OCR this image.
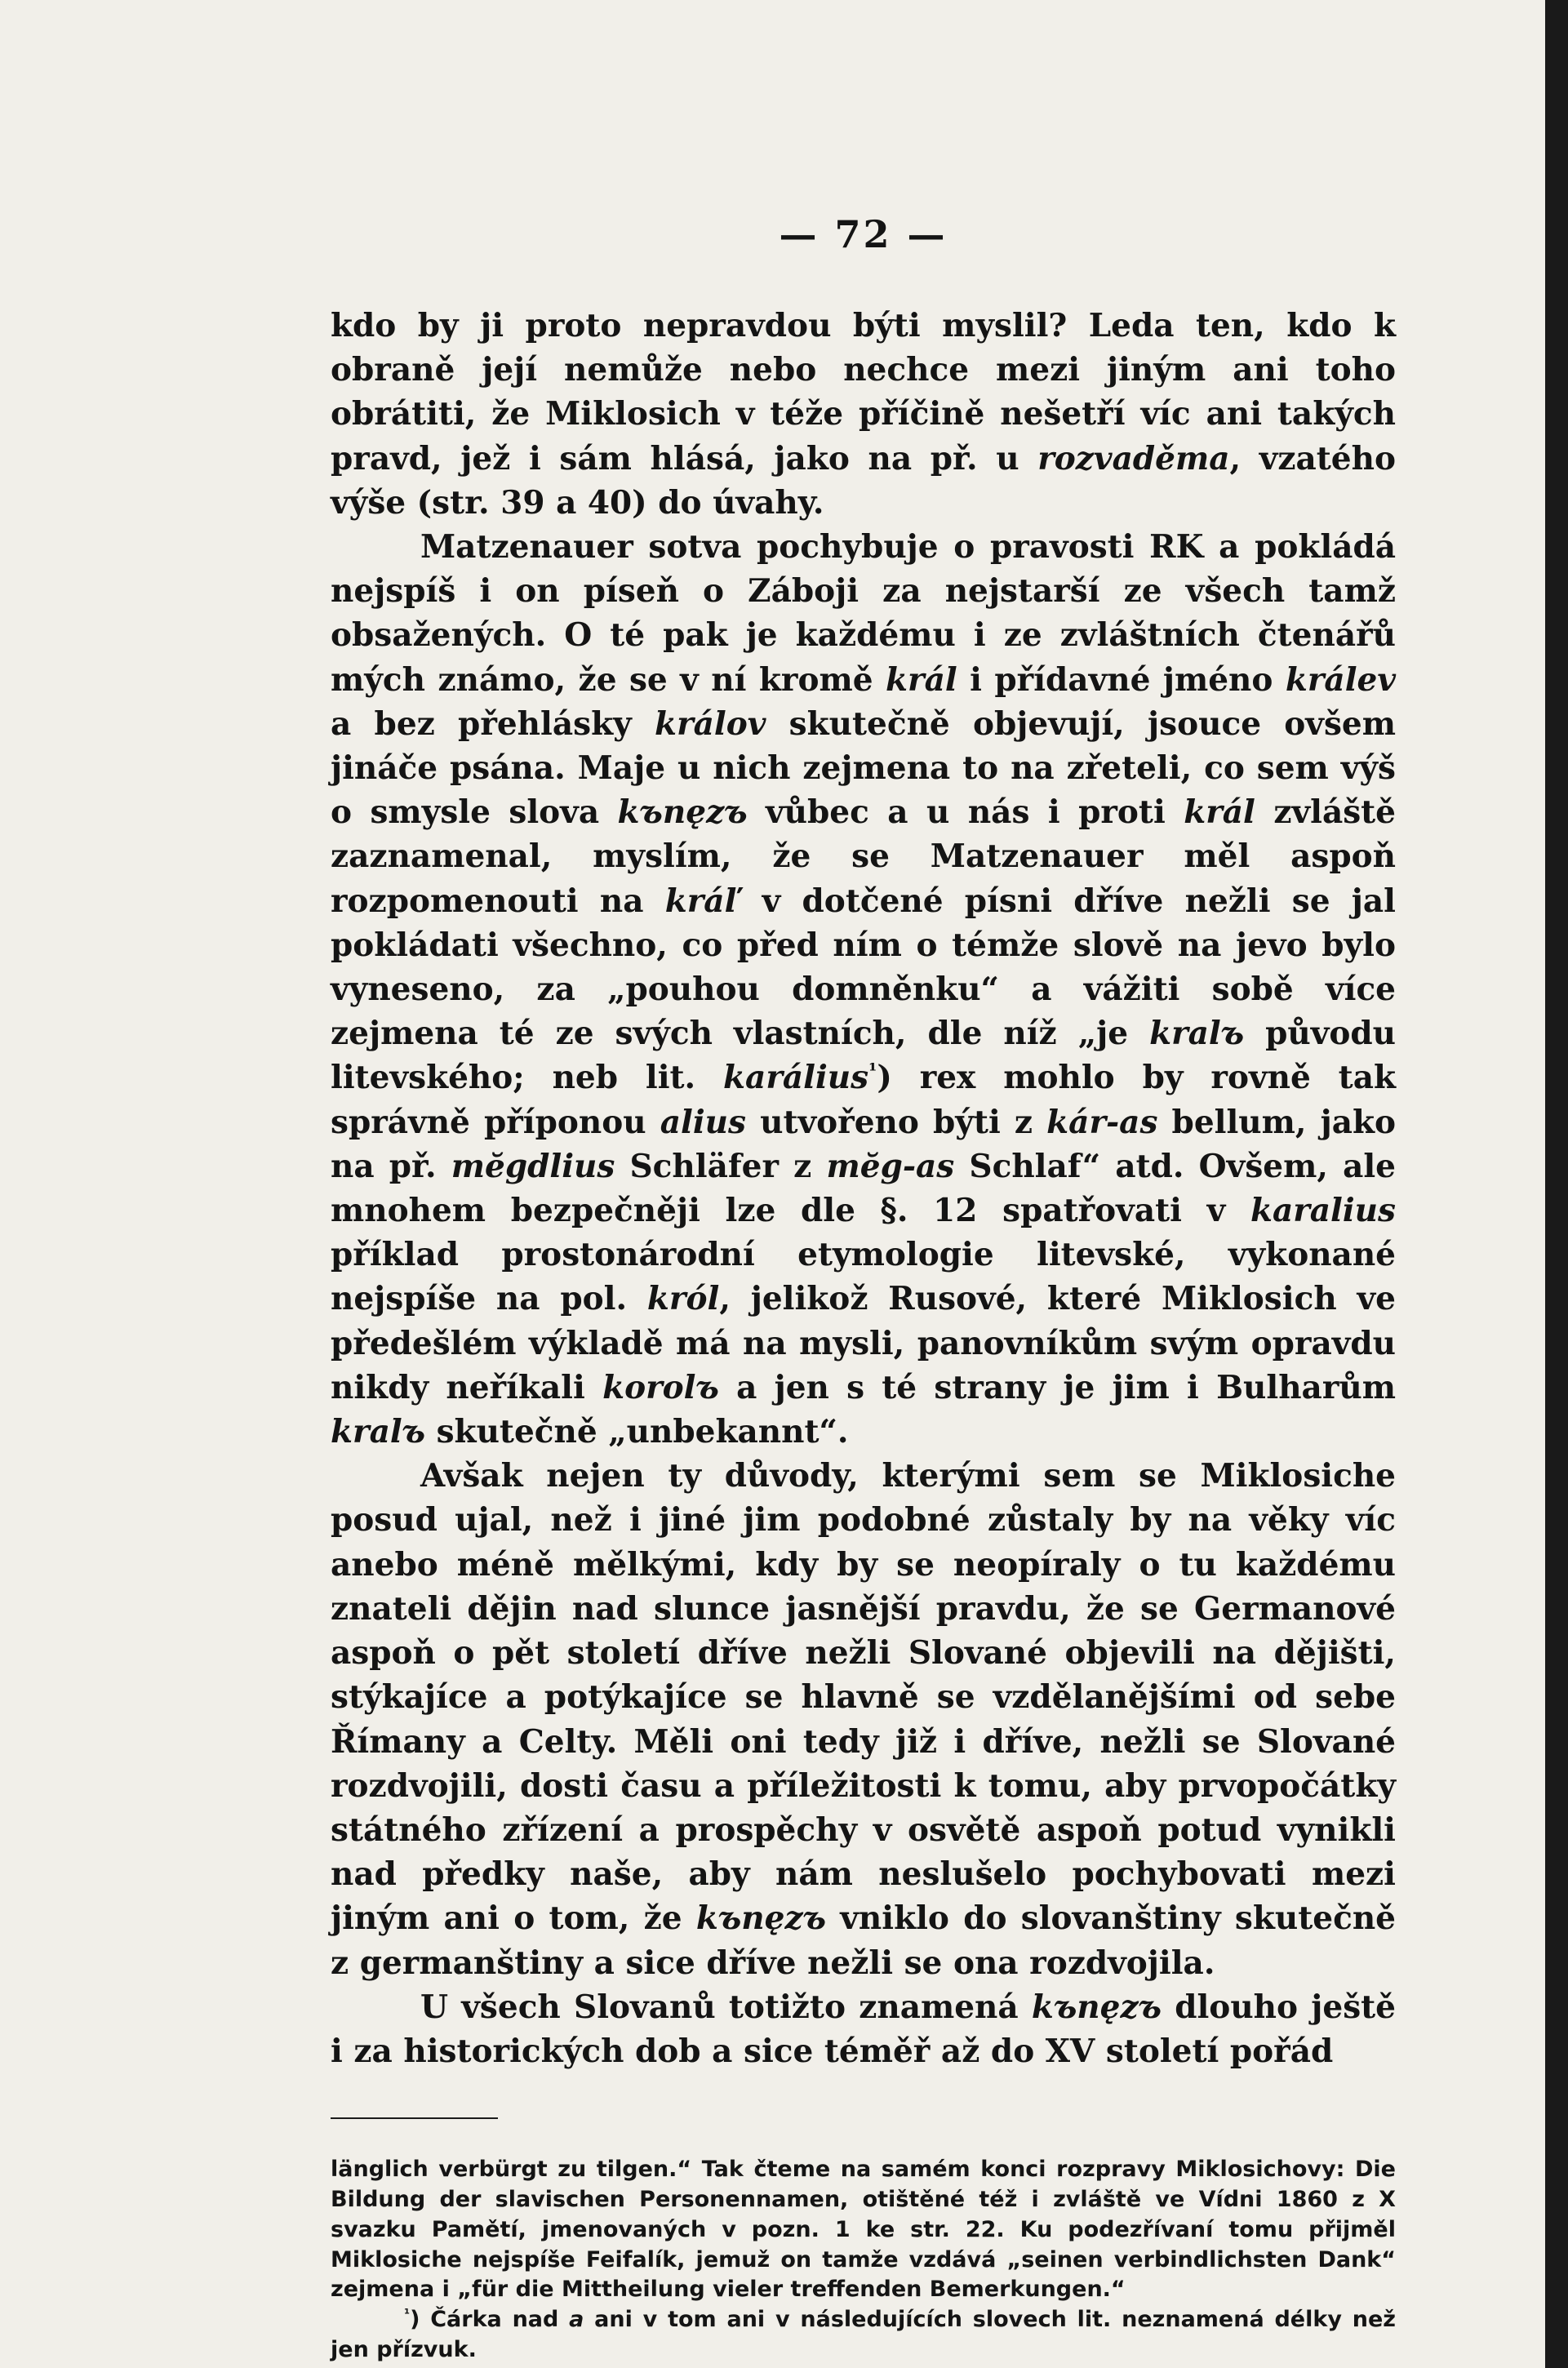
— 72 —

kdo by ji proto nepravdou býti myslil? Leda ten, kdo k obraně její nemůže nebo nechce mezi jiným ani toho obrátiti, že Miklosich v téže příčině nešetří víc ani takých pravd, jež i sám hlásá, jako na př. u rozvaděma, vzatého výše (str. 39 a 40) do úvahy.

Matzenauer sotva pochybuje o pravosti RK a pokládá nejspíš i on píseň o Záboji za nejstarší ze všech tamž obsažených. O té pak je každému i ze zvláštních čtenářů mých známo, že se v ní kromě král i přídavné jméno králev a bez přehlásky králov skutečně objevují, jsouce ovšem jináče psána. Maje u nich zejmena to na zřeteli, co sem výš o smysle slova kъnęzъ vůbec a u nás i proti král zvláště zaznamenal, myslím, že se Matzenauer měl aspoň rozpomenouti na kráľ v dotčené písni dříve nežli se jal pokládati všechno, co před ním o témže slově na jevo bylo vyneseno, za „pouhou domněnku“ a vážiti sobě více zejmena té ze svých vlastních, dle níž „je kralъ původu litevského; neb lit. karálius$^{^1}$) rex mohlo by rovně tak správně příponou alius utvořeno býti z kár-as bellum, jako na př. mĕgdlius Schläfer z mĕg-as Schlaf“ atd. Ovšem, ale mnohem bezpečněji lze dle §. 12 spatřovati v karalius příklad prostonárodní etymologie litevské, vykonané nejspíše na pol. król, jelikož Rusové, které Miklosich ve předešlém výkladě má na mysli, panovníkům svým opravdu nikdy neříkali korolъ a jen s té strany je jim i Bulharům kralъ skutečně „unbekannt“.

Avšak nejen ty důvody, kterými sem se Miklosiche posud ujal, než i jiné jim podobné zůstaly by na věky víc anebo méně mělkými, kdy by se neopíraly o tu každému znateli dějin nad slunce jasnější pravdu, že se Germanové aspoň o pět století dříve nežli Slované objevili na dějišti, stýkajíce a potýkajíce se hlavně se vzdělanějšími od sebe Římany a Celty. Měli oni tedy již i dříve, nežli se Slované rozdvojili, dosti času a příležitosti k tomu, aby prvopočátky státného zřízení a prospěchy v osvětě aspoň potud vynikli nad předky naše, aby nám neslušelo pochybovati mezi jiným ani o tom, že kъnęzъ vniklo do slovanštiny skutečně z germanštiny a sice dříve nežli se ona rozdvojila.

U všech Slovanů totižto znamená kъnęzъ dlouho ještě i za historických dob a sice téměř až do XV století pořád

länglich verbürgt zu tilgen.“ Tak čteme na samém konci rozpravy Miklosichovy: Die Bildung der slavischen Personennamen, otištěné též i zvláště ve Vídni 1860 z X svazku Pamětí, jmenovaných v pozn. 1 ke str. 22. Ku podezřívaní tomu přijměl Miklosiche nejspíše Feifalík, jemuž on tamže vzdává „seinen verbindlichsten Dank“ zejmena i „für die Mittheilung vieler treffenden Bemerkungen.“

$^{^1}$) Čárka nad a ani v tom ani v následujících slovech lit. neznamená délky než jen přízvuk.
